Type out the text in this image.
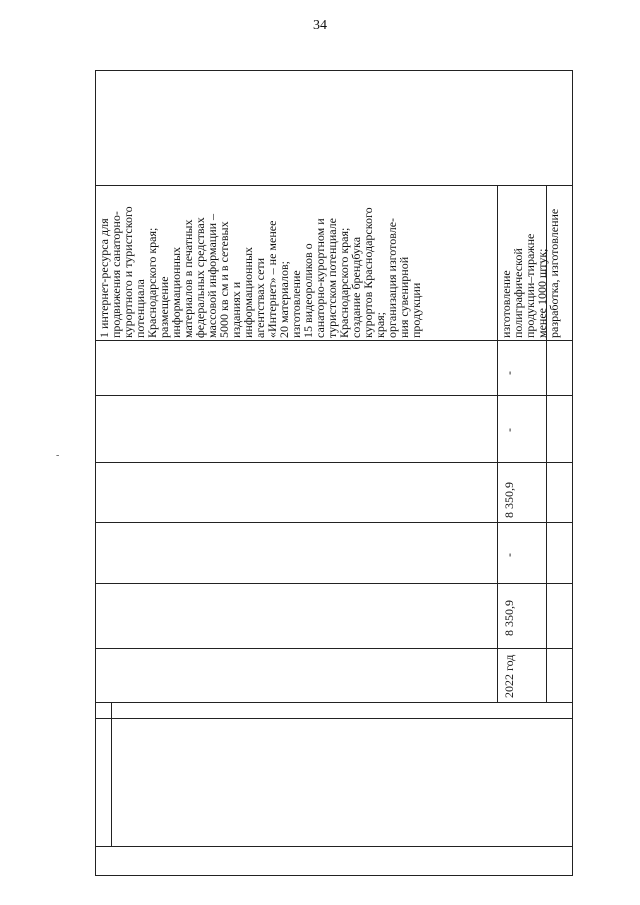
34
-
1 интернет-ресурса для
продвижения санаторно-
курортного и туристского
потенциала
Краснодарского края;
размещение
информационных
материалов в печатных
федеральных средствах
массовой информации –
5000 кв см и в сетевых
изданиях и
информационных
агентствах сети
«Интернет» – не менее
20 материалов;
изготовление
15 видеороликов о
санаторно-курортном и
туристском потенциале
Краснодарского края;
создание брендбука
курортов Краснодарского
края;
организация изготовле-
ния сувенирной
продукции	изготовление
полиграфической
продукции–тиражне
менее 1000 штук;
разработка, изготовление
-
-
8 350,9
-
8 350,9
2022 год
